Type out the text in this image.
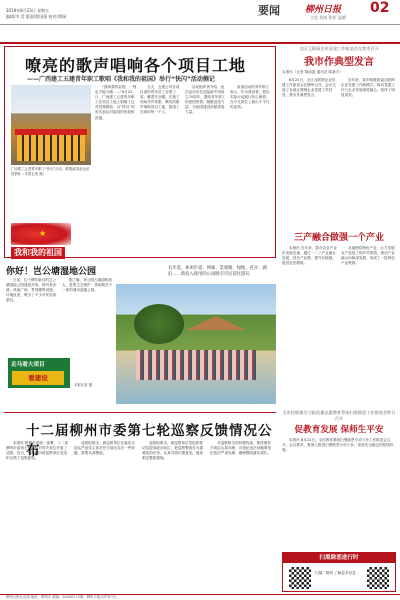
2019年8月23日 星期五
编辑/韦 青 版面/程国强 校对/谭瑞	要闻	柳州日报 02
主流 权威 相伴 温暖
嘹亮的歌声唱响各个项目工地
——广西建工五建青年职工歌唱《我和我的祖国》举行“快闪”活动侧记
广西建工五建青年职工“快闪”活动，歌唱祖国表达爱国情怀（本报记者 摄）
★
我和我的祖国

“我和我的祖国，一刻也不能分割……”8月22日，广西建工五建青年职工在项目工地上唱响了这首经典歌曲，以“快闪”的形式表达对祖国的热爱和祝福。

当天，五建公司各项目部的青年员工穿着工装，戴着安全帽，在施工现场齐声高歌，嘹亮的歌声响彻项目工地，感染了在场的每一个人。

活动组织者介绍，此次活动旨在迎接新中国成立70周年，激发青年职工的爱国热情，凝聚奋进力量，为祖国建设贡献青春力量。

参加活动的青年职工表示，作为建设者，将以实际行动践行初心使命，在平凡岗位上做出不平凡的业绩。

全区互联网企业党建工作座谈会在我市召开
我市作典型发言
本报讯（记者 胡丽霞 通讯员 陈新宇）

8月22日，全区互联网企业党建工作座谈会在柳州召开。会议交流了各地互联网企业党建工作经验，我市作典型发言。

近年来，我市积极探索互联网企业党建工作新模式，推动党建工作与企业发展深度融合，取得了明显成效。

你好！岂公塘湿地公园	有步道、休闲步道、网廊、景观塘、绿地、花卉、湖泊……新投入使用的公园吸引市民前往游玩

日前，位于柳东新区的岂公塘湿地公园建成开放，园内有步道、休闲广场、景观塘等设施，环境优美，吸引了不少市民前来游玩。

据了解，该公园占地面积较大，是集生态保护、休闲娱乐于一体的城市湿地公园。

走马看大项目
看建设
本报记者 摄
三产融合做强一个产业

本报讯 近年来，我市农业产业化发展迅速，通过一二三产业融合发展，延长产业链，提升价值链，促进农民增收。

各地围绕特色产业，大力发展农产品加工和乡村旅游，推动产业融合向纵深发展，形成了一批特色产业集群。

十二届柳州市委第七轮巡察反馈情况公布

本报讯 根据市委统一部署，十二届柳州市委第七轮巡察对有关单位开展了巡察。近日，巡察组向被巡察单位党组织反馈了巡察意见。

巡察组指出，被巡察单位在落实全面从严治党主体责任方面还存在一些问题，需要认真整改。

巡察组要求，被巡察单位党组织要切实提高政治站位，把巡察整改作为重要政治任务，认真对照反馈意见，逐条制定整改措施。

对巡察移交的问题线索，要按照有关规定认真办理，对违纪违法问题要依纪依法严肃处理，确保整改落实到位。

全市控烟保学习防范暴法惠教育系统扫黑除恶工作推进会昨日召开
促教育发展 保师生平安

本报讯 8月22日，全市教育系统扫黑除恶专项斗争工作推进会召开。会议要求，要深入推进扫黑除恶专项斗争，营造安全稳定的校园环境。

扫黑除恶进行时
扫描二维码 了解更多信息
柳州日报社出版 地址：柳州市 邮编：545001 印刷：柳州日报社印务中心
